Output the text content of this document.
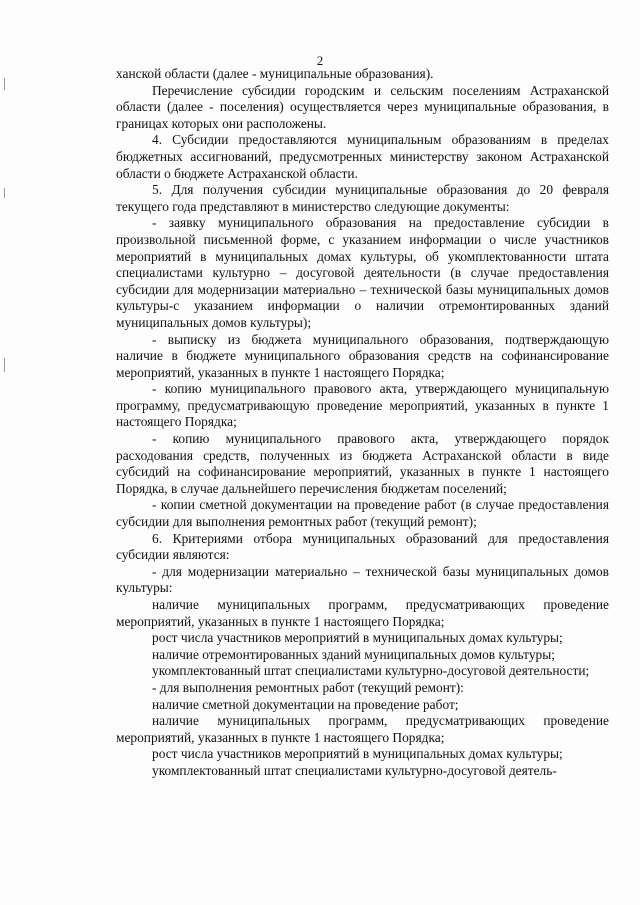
2

ханской области (далее - муниципальные образования).

Перечисление субсидии городским и сельским поселениям Астраханской области (далее - поселения) осуществляется через муниципальные образования, в границах которых они расположены.

4. Субсидии предоставляются муниципальным образованиям в пределах бюджетных ассигнований, предусмотренных министерству законом Астраханской области о бюджете Астраханской области.

5. Для получения субсидии муниципальные образования до 20 февраля текущего года представляют в министерство следующие документы:

- заявку муниципального образования на предоставление субсидии в произвольной письменной форме, с указанием информации о числе участников мероприятий в муниципальных домах культуры, об укомплектованности штата специалистами культурно – досуговой деятельности (в случае предоставления субсидии для модернизации материально – технической базы муниципальных домов культуры-с указанием информации о наличии отремонтированных зданий муниципальных домов культуры);

- выписку из бюджета муниципального образования, подтверждающую наличие в бюджете муниципального образования средств на софинансирование мероприятий, указанных в пункте 1 настоящего Порядка;

- копию муниципального правового акта, утверждающего муниципальную программу, предусматривающую проведение мероприятий, указанных в пункте 1 настоящего Порядка;

- копию муниципального правового акта, утверждающего порядок расходования средств, полученных из бюджета Астраханской области в виде субсидий на софинансирование мероприятий, указанных в пункте 1 настоящего Порядка, в случае дальнейшего перечисления бюджетам поселений;

- копии сметной документации на проведение работ (в случае предоставления субсидии для выполнения ремонтных работ (текущий ремонт);

6. Критериями отбора муниципальных образований для предоставления субсидии являются:

- для модернизации материально – технической базы муниципальных домов культуры:

наличие муниципальных программ, предусматривающих проведение мероприятий, указанных в пункте 1 настоящего Порядка;

рост числа участников мероприятий в муниципальных домах культуры;

наличие отремонтированных зданий муниципальных домов культуры;

укомплектованный штат специалистами культурно-досуговой деятельности;

- для выполнения ремонтных работ (текущий ремонт):

наличие сметной документации на проведение работ;

наличие муниципальных программ, предусматривающих проведение мероприятий, указанных в пункте 1 настоящего Порядка;

рост числа участников мероприятий в муниципальных домах культуры;

укомплектованный штат специалистами культурно-досуговой деятель-
